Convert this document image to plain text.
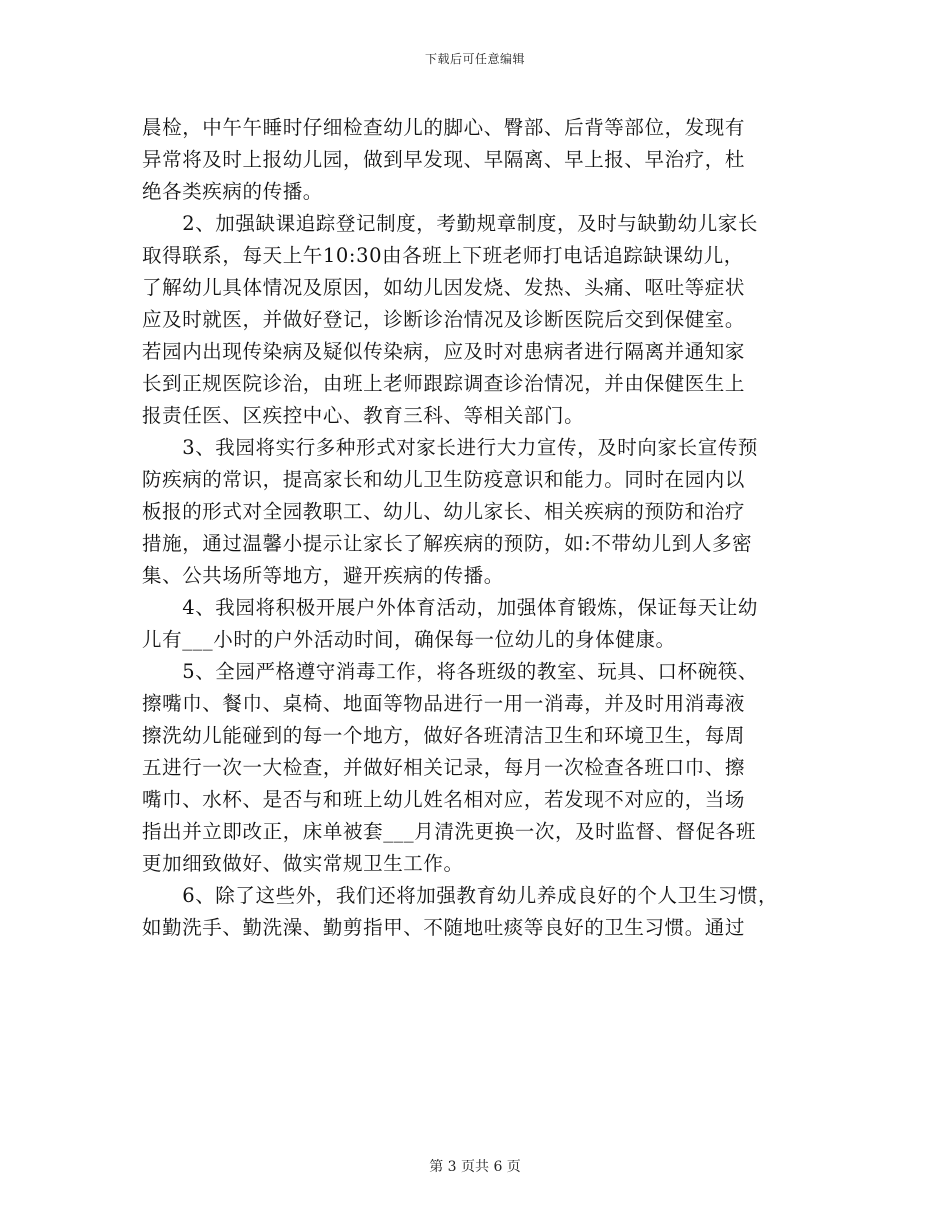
下载后可任意编辑
晨检，中午午睡时仔细检查幼儿的脚心、臀部、后背等部位，发现有
异常将及时上报幼儿园，做到早发现、早隔离、早上报、早治疗，杜
绝各类疾病的传播。
　　2、加强缺课追踪登记制度，考勤规章制度，及时与缺勤幼儿家长
取得联系，每天上午10:30由各班上下班老师打电话追踪缺课幼儿，
了解幼儿具体情况及原因，如幼儿因发烧、发热、头痛、呕吐等症状
应及时就医，并做好登记，诊断诊治情况及诊断医院后交到保健室。
若园内出现传染病及疑似传染病，应及时对患病者进行隔离并通知家
长到正规医院诊治，由班上老师跟踪调查诊治情况，并由保健医生上
报责任医、区疾控中心、教育三科、等相关部门。
　　3、我园将实行多种形式对家长进行大力宣传，及时向家长宣传预
防疾病的常识，提高家长和幼儿卫生防疫意识和能力。同时在园内以
板报的形式对全园教职工、幼儿、幼儿家长、相关疾病的预防和治疗
措施，通过温馨小提示让家长了解疾病的预防，如:不带幼儿到人多密
集、公共场所等地方，避开疾病的传播。
　　4、我园将积极开展户外体育活动，加强体育锻炼，保证每天让幼
儿有___小时的户外活动时间，确保每一位幼儿的身体健康。
　　5、全园严格遵守消毒工作，将各班级的教室、玩具、口杯碗筷、
擦嘴巾、餐巾、桌椅、地面等物品进行一用一消毒，并及时用消毒液
擦洗幼儿能碰到的每一个地方，做好各班清洁卫生和环境卫生，每周
五进行一次一大检查，并做好相关记录，每月一次检查各班口巾、擦
嘴巾、水杯、是否与和班上幼儿姓名相对应，若发现不对应的，当场
指出并立即改正，床单被套___月清洗更换一次，及时监督、督促各班
更加细致做好、做实常规卫生工作。
　　6、除了这些外，我们还将加强教育幼儿养成良好的个人卫生习惯，
如勤洗手、勤洗澡、勤剪指甲、不随地吐痰等良好的卫生习惯。通过
第 3 页共 6 页
